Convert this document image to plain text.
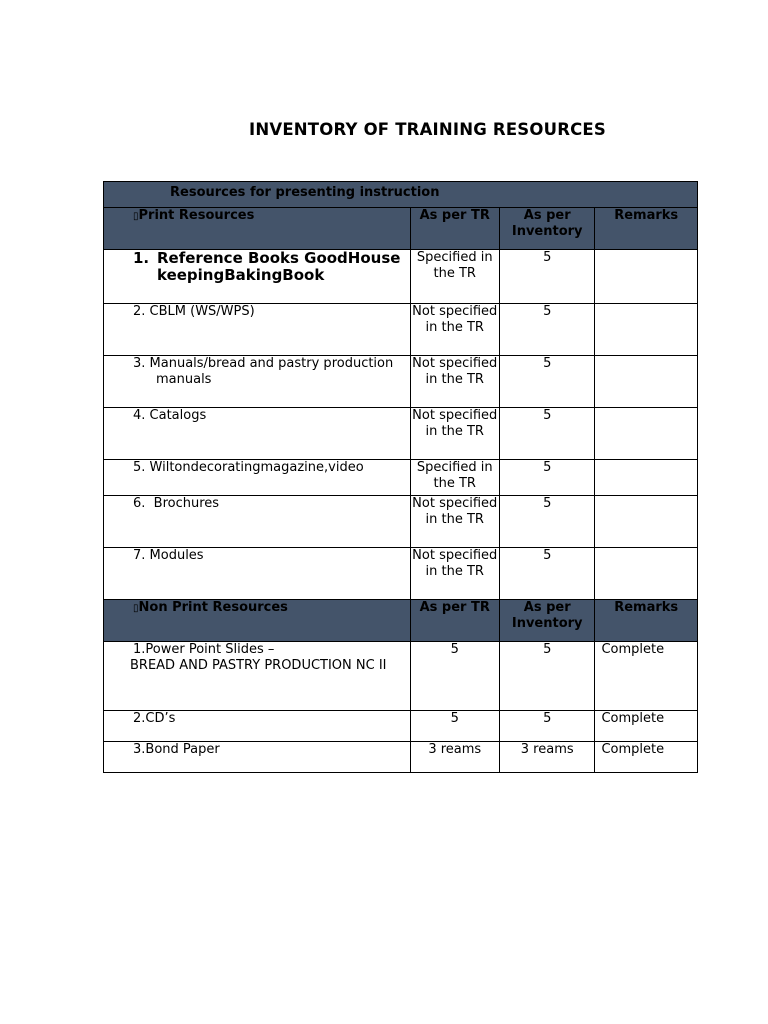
INVENTORY OF TRAINING RESOURCES
Resources for presenting instruction			
▯Print Resources	As per TR	As per Inventory	Remarks

1. Reference Books GoodHousekeepingBakingBook	Specified in the TR	5	
2. CBLM (WS/WPS)	Not specified in the TR	5	

3. Manuals/bread and pastry production manuals	Not specified in the TR	5	
4. Catalogs	Not specified in the TR	5	
5. Wiltondecoratingmagazine,video	Specified in the TR	5	
6.  Brochures	Not specified in the TR	5	
7. Modules	Not specified in the TR	5	
▯Non Print Resources	As per TR	As per Inventory	Remarks

1.Power Point Slides –
BREAD AND PASTRY PRODUCTION NC II	5	5	Complete
2.CD’s	5	5	Complete
3.Bond Paper	3 reams	3 reams	Complete
